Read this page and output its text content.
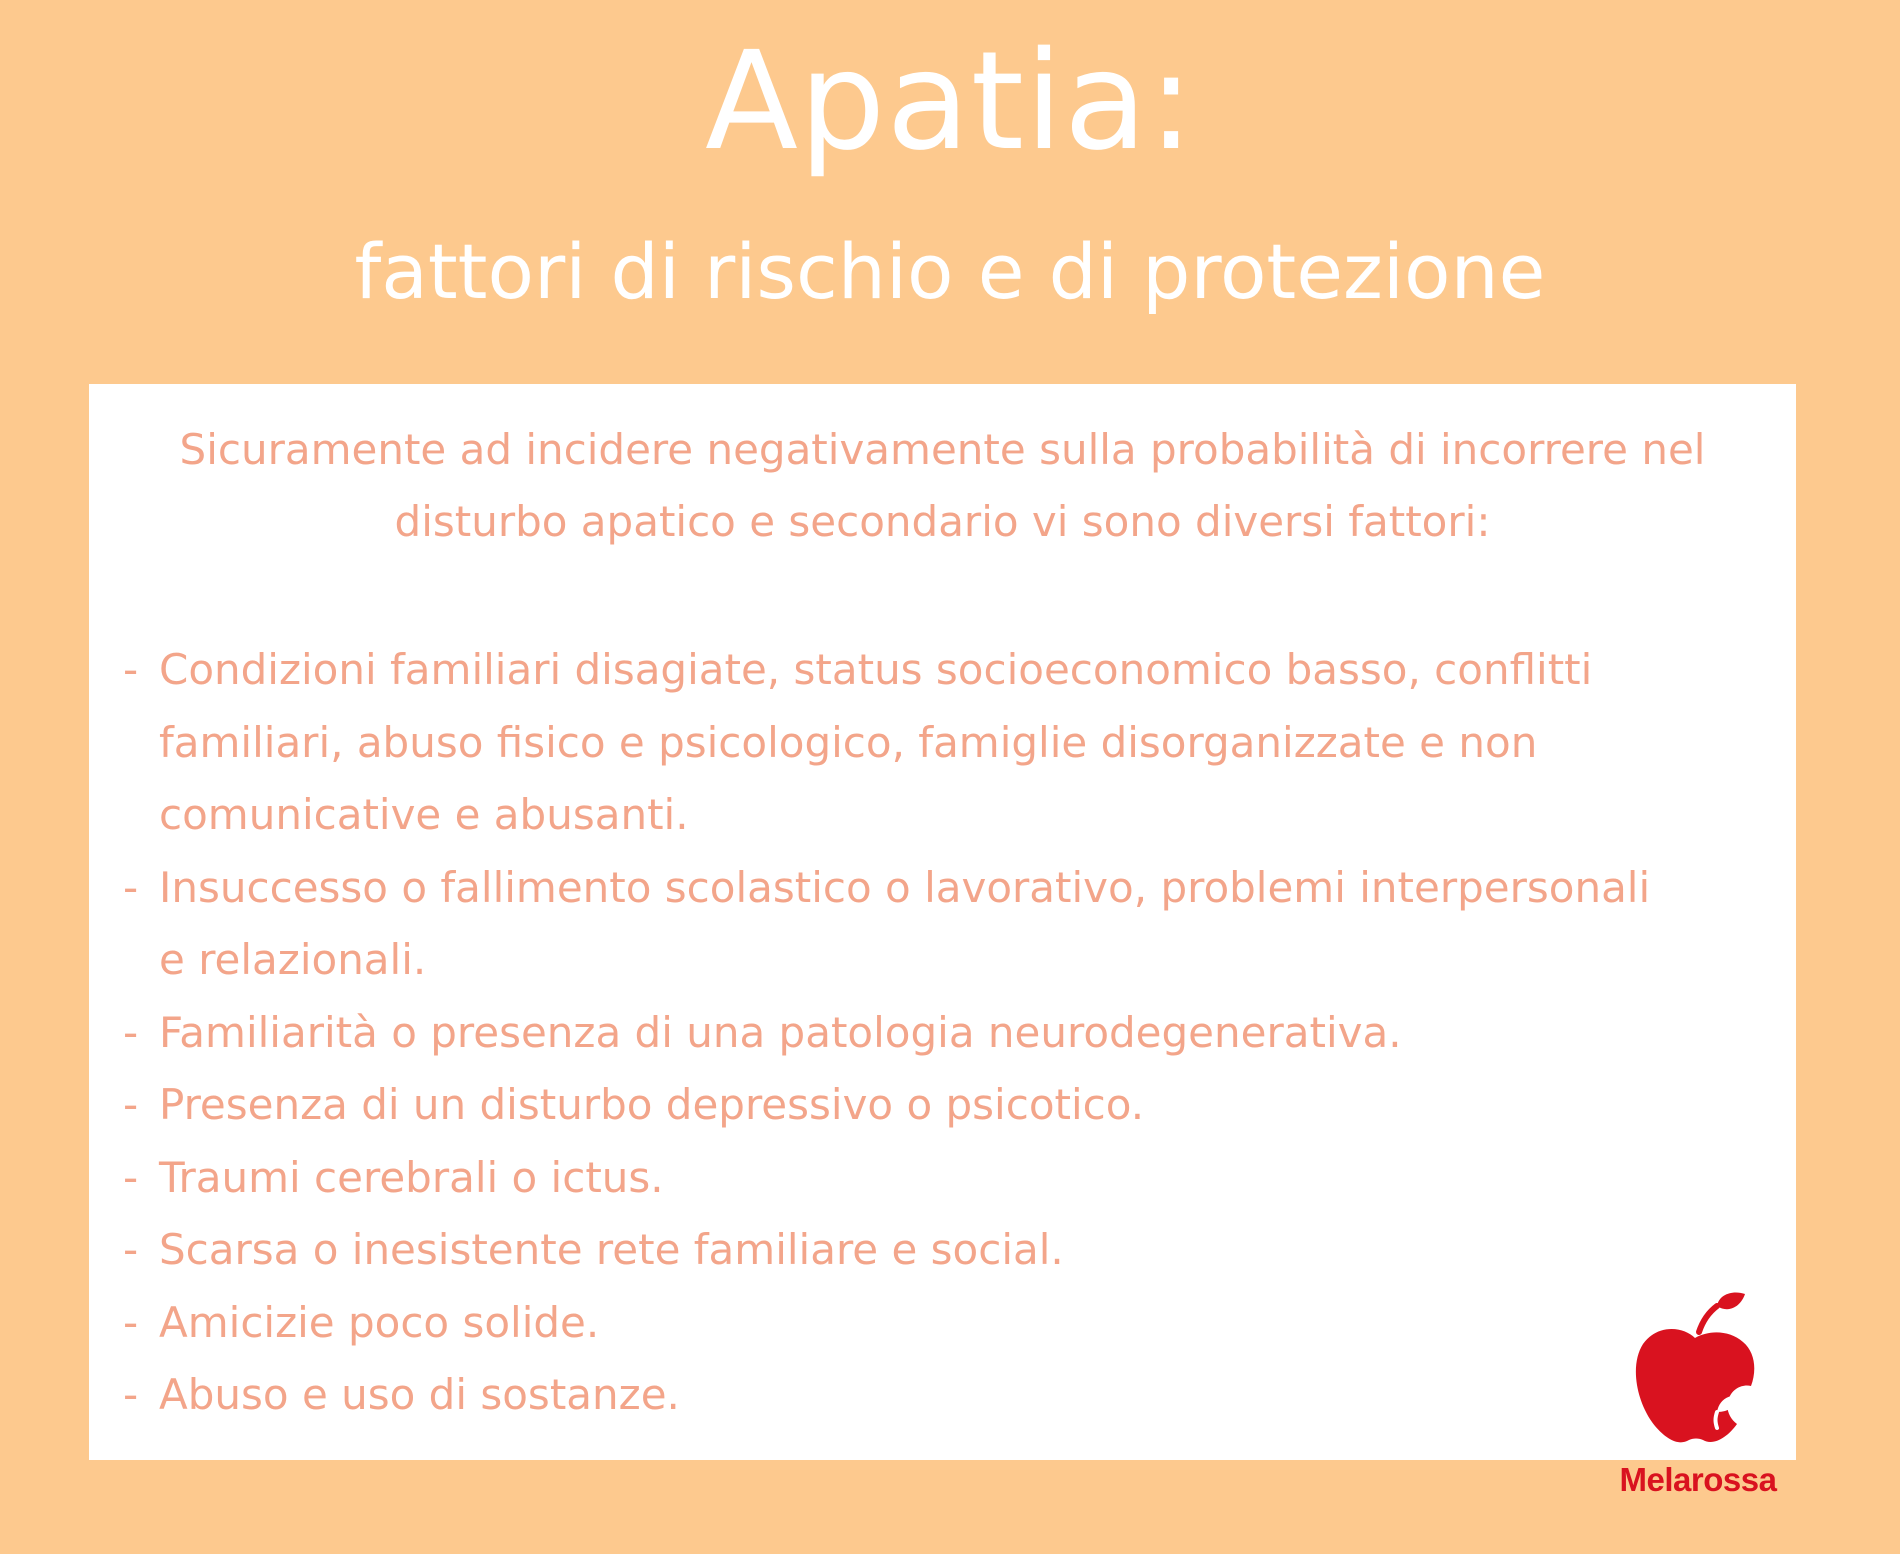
Apatia:
fattori di rischio e di protezione
Sicuramente ad incidere negativamente sulla probabilità di incorrere nel disturbo apatico e secondario vi sono diversi fattori:
- Condizioni familiari disagiate, status socioeconomico basso, conflitti
familiari, abuso fisico e psicologico, famiglie disorganizzate e non
comunicative e abusanti.
- Insuccesso o fallimento scolastico o lavorativo, problemi interpersonali
e relazionali.
- Familiarità o presenza di una patologia neurodegenerativa.
- Presenza di un disturbo depressivo o psicotico.
- Traumi cerebrali o ictus.
- Scarsa o inesistente rete familiare e social.
- Amicizie poco solide.
- Abuso e uso di sostanze.
Melarossa
